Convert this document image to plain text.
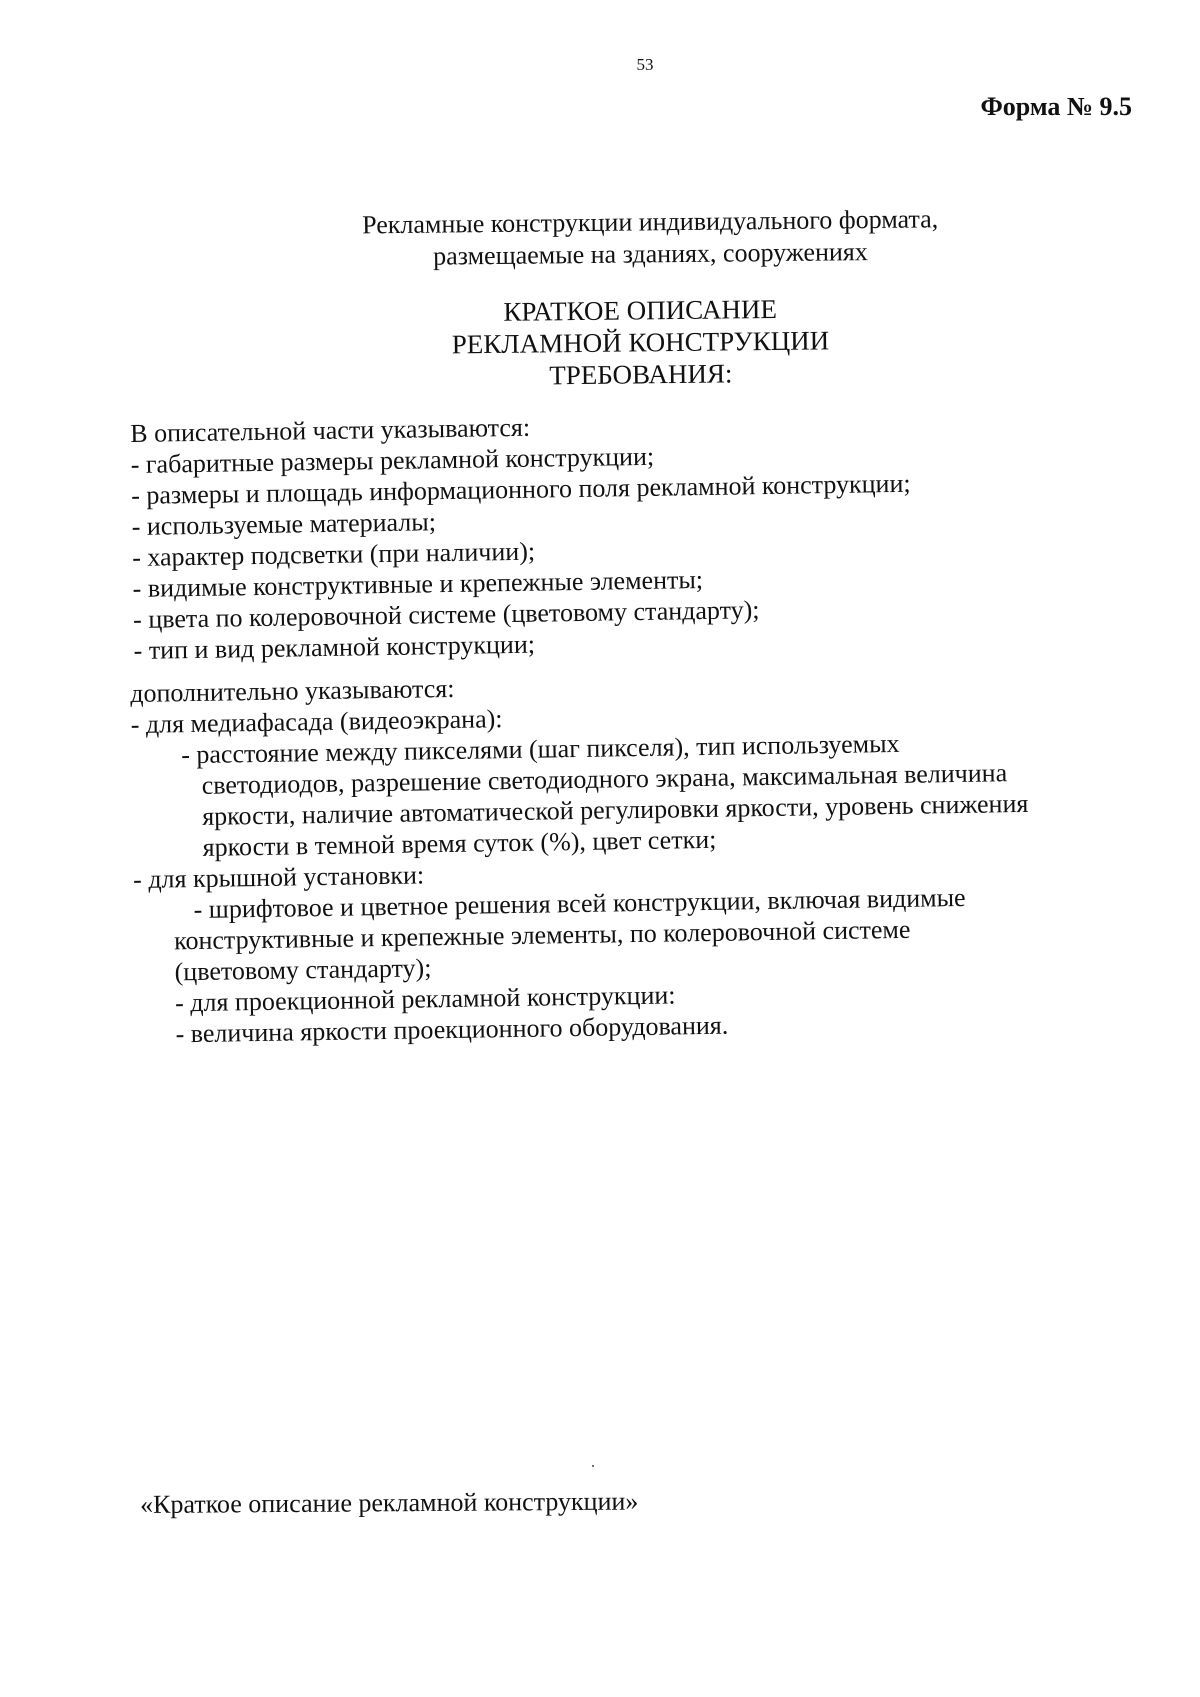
53
Форма № 9.5
Рекламные конструкции индивидуального формата,
размещаемые на зданиях, сооружениях
КРАТКОЕ ОПИСАНИЕ
РЕКЛАМНОЙ КОНСТРУКЦИИ
ТРЕБОВАНИЯ:

В описательной части указываются:

- габаритные размеры рекламной конструкции;

- размеры и площадь информационного поля рекламной конструкции;

- используемые материалы;

- характер подсветки (при наличии);

- видимые конструктивные и крепежные элементы;

- цвета по колеровочной системе (цветовому стандарту);

- тип и вид рекламной конструкции;

дополнительно указываются:

- для медиафасада (видеоэкрана):

- расстояние между пикселями (шаг пикселя), тип используемых

светодиодов, разрешение светодиодного экрана, максимальная величина

яркости, наличие автоматической регулировки яркости, уровень снижения

яркости в темной время суток (%), цвет сетки;

- для крышной установки:

- шрифтовое и цветное решения всей конструкции, включая видимые

конструктивные и крепежные элементы, по колеровочной системе

(цветовому стандарту);

- для проекционной рекламной конструкции:

- величина яркости проекционного оборудования.

«Краткое описание рекламной конструкции»
